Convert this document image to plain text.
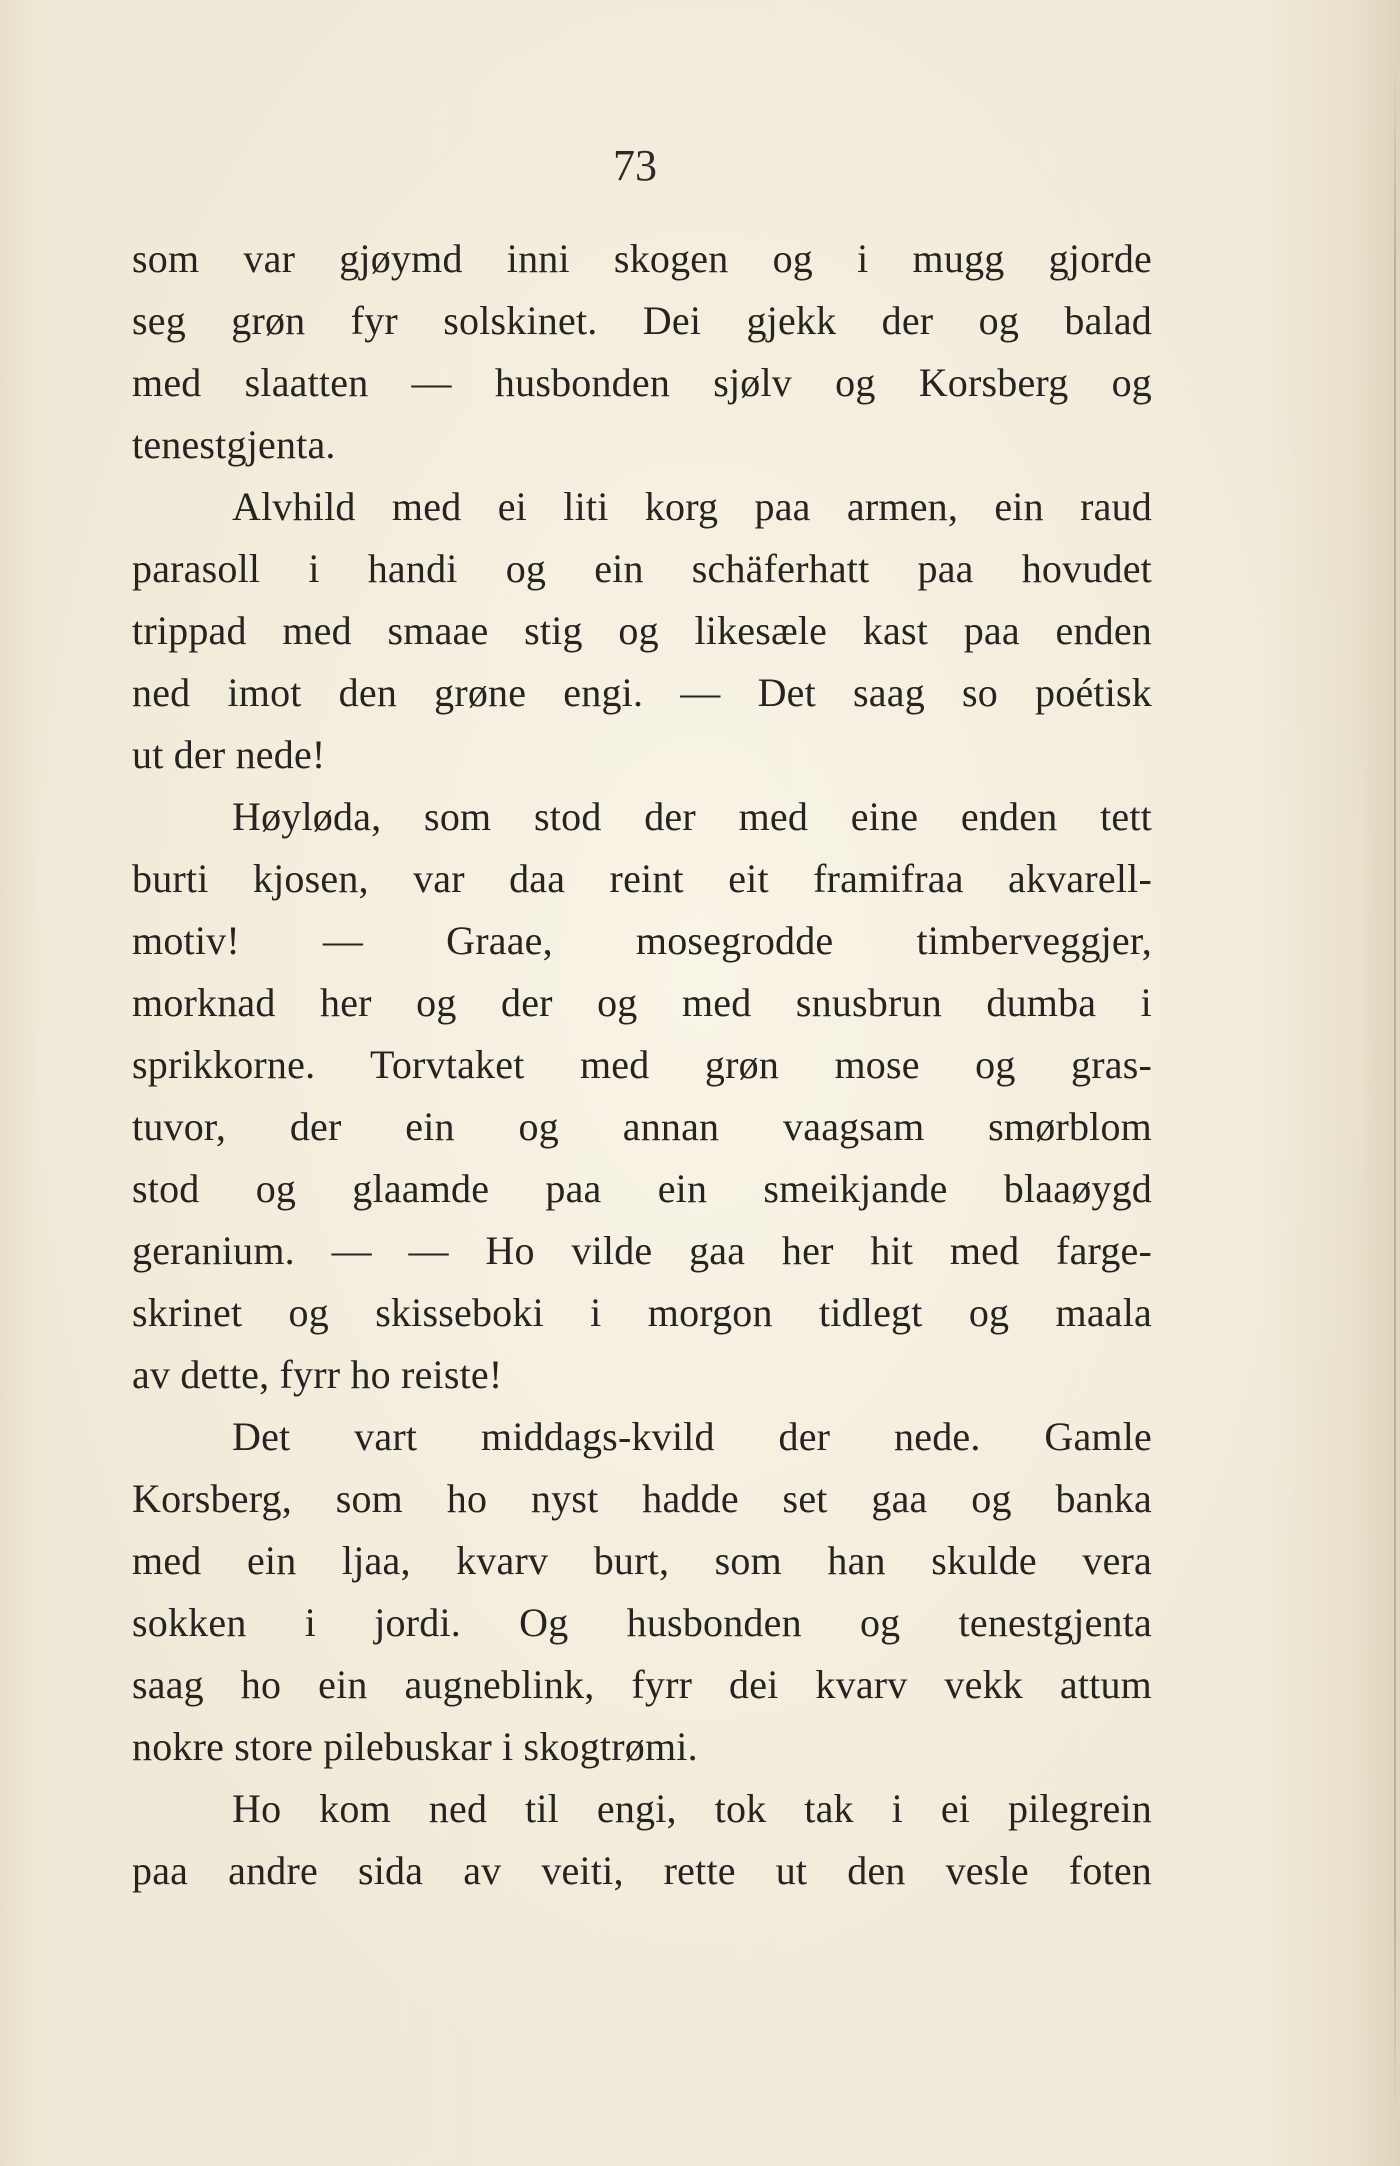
73
som var gjøymd inni skogen og i mugg gjorde
seg grøn fyr solskinet. Dei gjekk der og balad
med slaatten — husbonden sjølv og Korsberg og
tenestgjenta.
Alvhild med ei liti korg paa armen, ein raud
parasoll i handi og ein schäferhatt paa hovudet
trippad med smaae stig og likesæle kast paa enden
ned imot den grøne engi. — Det saag so poétisk
ut der nede!
Høyløda, som stod der med eine enden tett
burti kjosen, var daa reint eit framifraa akvarell-
motiv! — Graae, mosegrodde timberveggjer,
morknad her og der og med snusbrun dumba i
sprikkorne. Torvtaket med grøn mose og gras-
tuvor, der ein og annan vaagsam smørblom
stod og glaamde paa ein smeikjande blaaøygd
geranium. — — Ho vilde gaa her hit med farge-
skrinet og skisseboki i morgon tidlegt og maala
av dette, fyrr ho reiste!
Det vart middags-kvild der nede. Gamle
Korsberg, som ho nyst hadde set gaa og banka
med ein ljaa, kvarv burt, som han skulde vera
sokken i jordi. Og husbonden og tenestgjenta
saag ho ein augneblink, fyrr dei kvarv vekk attum
nokre store pilebuskar i skogtrømi.
Ho kom ned til engi, tok tak i ei pilegrein
paa andre sida av veiti, rette ut den vesle foten
